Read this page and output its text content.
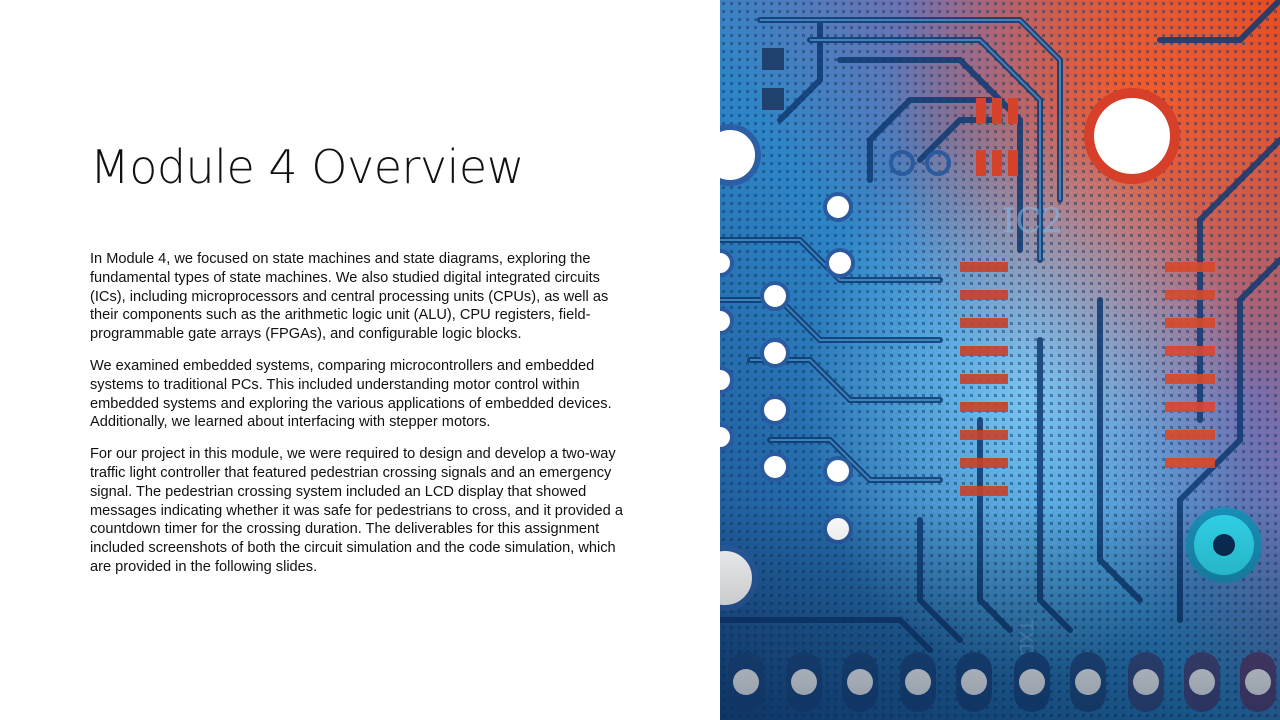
Module 4 Overview

In Module 4, we focused on state machines and state diagrams, exploring the fundamental types of state machines. We also studied digital integrated circuits (ICs), including microprocessors and central processing units (CPUs), as well as their components such as the arithmetic logic unit (ALU), CPU registers, field-programmable gate arrays (FPGAs), and configurable logic blocks.

We examined embedded systems, comparing microcontrollers and embedded systems to traditional PCs. This included understanding motor control within embedded systems and exploring the various applications of embedded devices. Additionally, we learned about interfacing with stepper motors.

For our project in this module, we were required to design and develop a two-way traffic light controller that featured pedestrian crossing signals and an emergency signal. The pedestrian crossing system included an LCD display that showed messages indicating whether it was safe for pedestrians to cross, and it provided a countdown timer for the crossing duration. The deliverables for this assignment included screenshots of both the circuit simulation and the code simulation, which are provided in the following slides.
